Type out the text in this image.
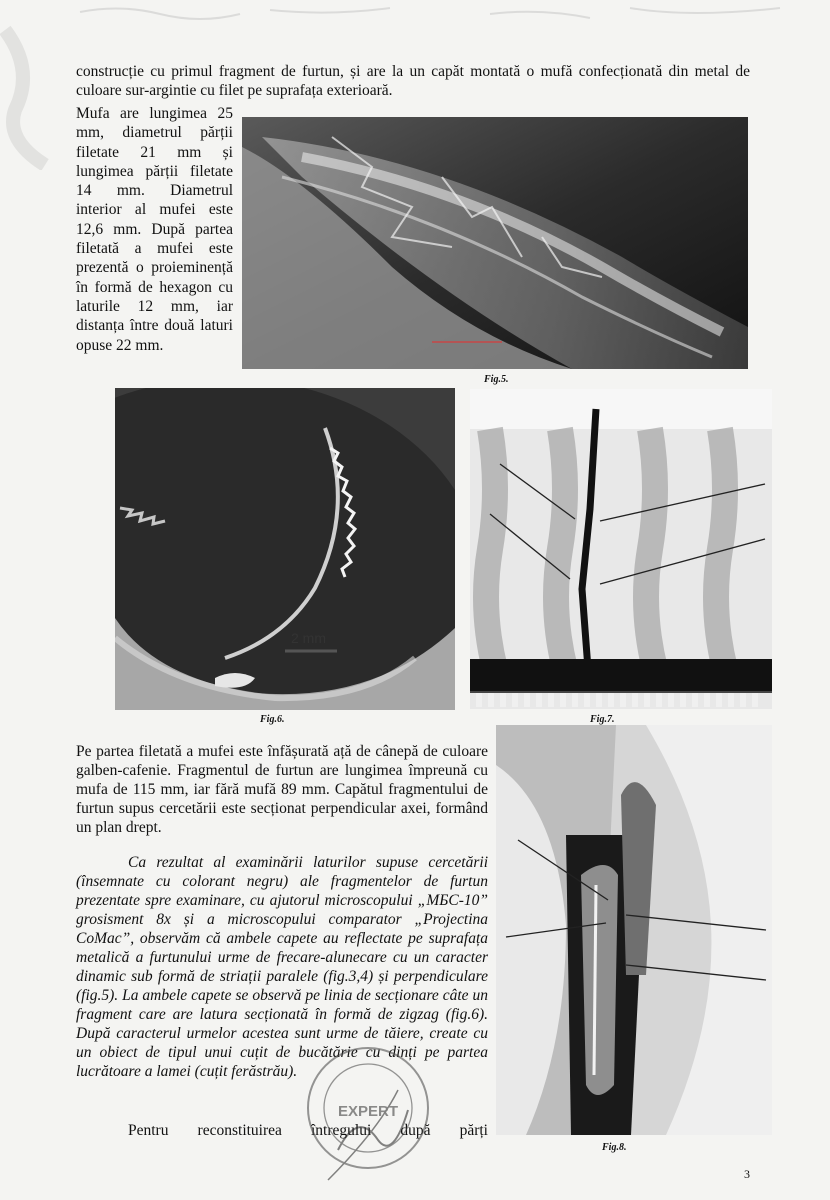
construcție cu primul fragment de furtun, și are la un capăt montată o mufă confecționată din metal de culoare sur-argintie cu filet pe suprafața exterioară.
Mufa are lungimea 25 mm, diametrul părții filetate 21 mm și lungimea părții filetate 14 mm. Diametrul interior al mufei este 12,6 mm. După partea filetată a mufei este prezentă o proieminență în formă de hexagon cu laturile 12 mm, iar distanța între două laturi opuse 22 mm.
Fig.5.
2 mm
Fig.6.	Fig.7.
Pe partea filetată a mufei este înfășurată ață de cânepă de culoare galben-cafenie. Fragmentul de furtun are lungimea împreună cu mufa de 115 mm, iar fără mufă 89 mm. Capătul fragmentului de furtun supus cercetării este secționat perpendicular axei, formând un plan drept.
Ca rezultat al examinării laturilor supuse cercetării (însemnate cu colorant negru) ale fragmentelor de furtun prezentate spre examinare, cu ajutorul microscopului „МБС-10” grosisment 8x și a microscopului comparator „Projectina CoMac”, observăm că ambele capete au reflectate pe suprafața metalică a furtunului urme de frecare-alunecare cu un caracter dinamic sub formă de striații paralele (fig.3,4) și perpendiculare (fig.5). La ambele capete se observă pe linia de secționare câte un fragment care are latura secționată în formă de zigzag (fig.6). După caracterul urmelor acestea sunt urme de tăiere, create cu un obiect de tipul unui cuțit de bucătărie cu dinți pe partea lucrătoare a lamei (cuțit ferăstrău).
Pentru reconstituirea întregului după părți
Fig.8.
EXPERT
3
